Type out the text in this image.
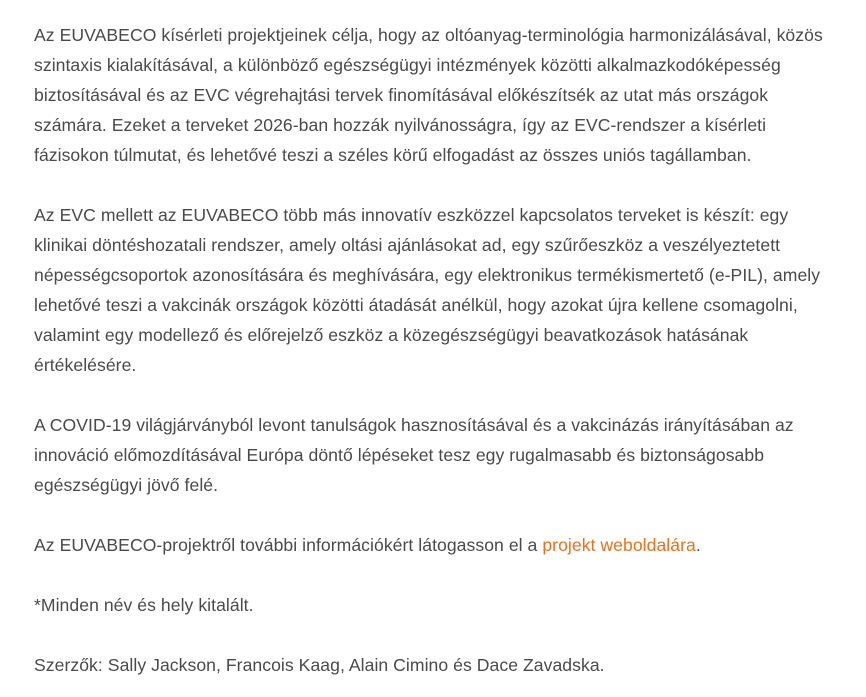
Az EUVABECO kísérleti projektjeinek célja, hogy az oltóanyag-terminológia harmonizálásával, közös szintaxis kialakításával, a különböző egészségügyi intézmények közötti alkalmazkodóképesség biztosításával és az EVC végrehajtási tervek finomításával előkészítsék az utat más országok számára. Ezeket a terveket 2026-ban hozzák nyilvánosságra, így az EVC-rendszer a kísérleti fázisokon túlmutat, és lehetővé teszi a széles körű elfogadást az összes uniós tagállamban.

Az EVC mellett az EUVABECO több más innovatív eszközzel kapcsolatos terveket is készít: egy klinikai döntéshozatali rendszer, amely oltási ajánlásokat ad, egy szűrőeszköz a veszélyeztetett népességcsoportok azonosítására és meghívására, egy elektronikus termékismertető (e-PIL), amely lehetővé teszi a vakcinák országok közötti átadását anélkül, hogy azokat újra kellene csomagolni, valamint egy modellező és előrejelző eszköz a közegészségügyi beavatkozások hatásának értékelésére.

A COVID-19 világjárványból levont tanulságok hasznosításával és a vakcinázás irányításában az innováció előmozdításával Európa döntő lépéseket tesz egy rugalmasabb és biztonságosabb egészségügyi jövő felé.

Az EUVABECO-projektről további információkért látogasson el a projekt weboldalára.

*Minden név és hely kitalált.

Szerzők: Sally Jackson, Francois Kaag, Alain Cimino és Dace Zavadska.
